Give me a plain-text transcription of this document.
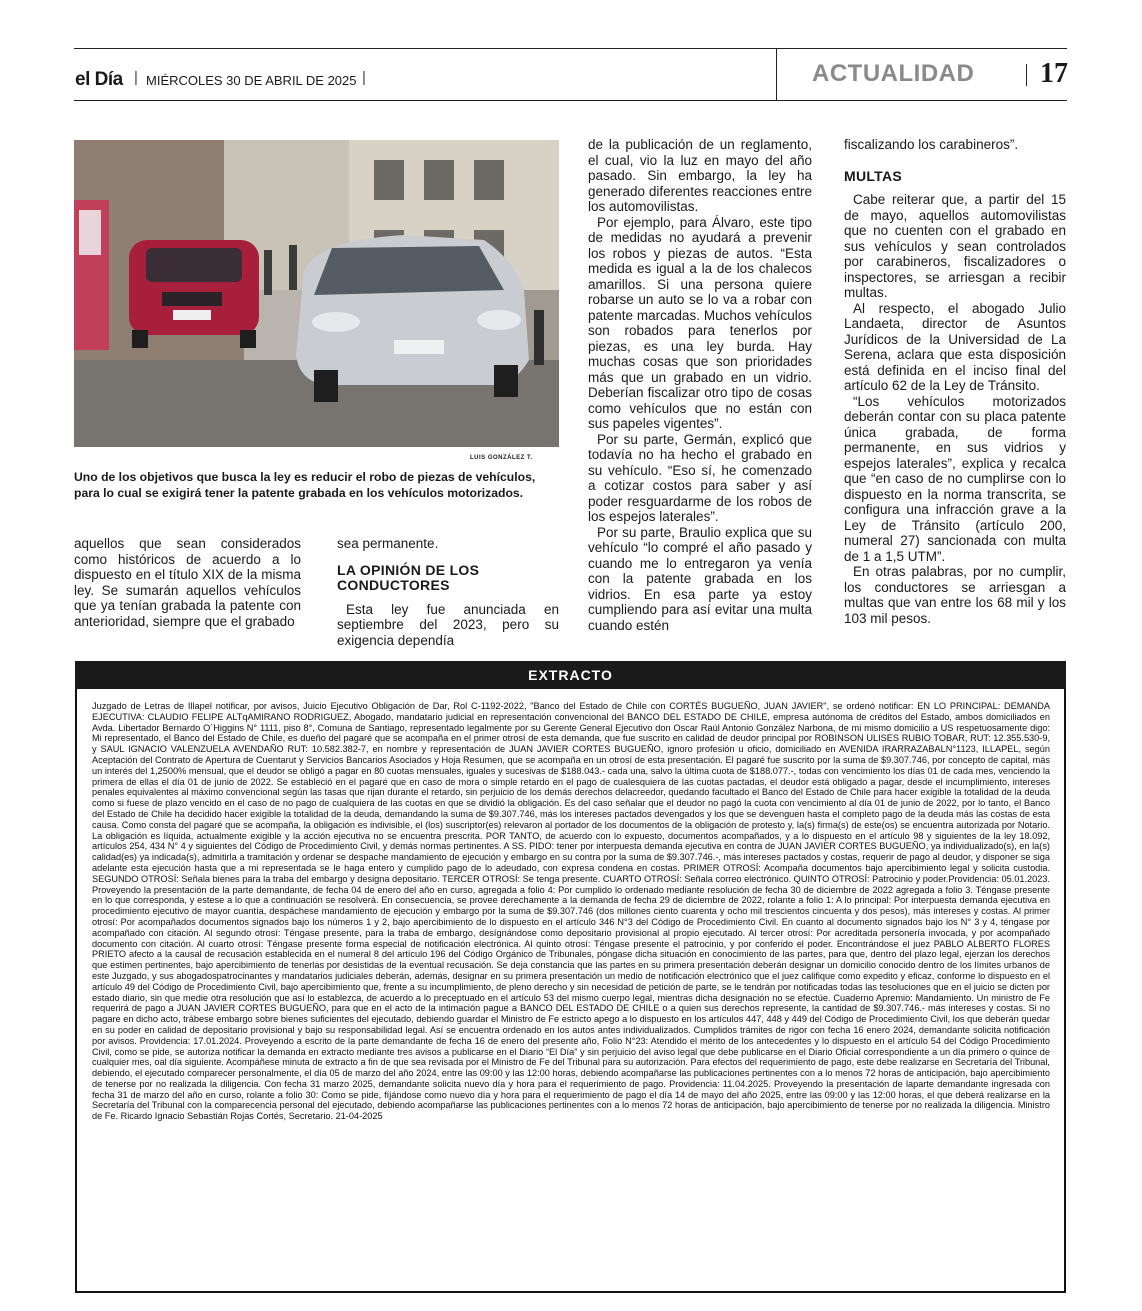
el Día | MIÉRCOLES 30 DE ABRIL DE 2025 |	ACTUALIDAD 17
LUIS GONZÁLEZ T.
Uno de los objetivos que busca la ley es reducir el robo de piezas de vehículos, para lo cual se exigirá tener la patente grabada en los vehículos motorizados.

aquellos que sean considerados como históricos de acuerdo a lo dispuesto en el título XIX de la misma ley. Se sumarán aquellos vehículos que ya tenían grabada la patente con anterioridad, siempre que el grabado

sea permanente.

LA OPINIÓN DE LOS CONDUCTORES

Esta ley fue anunciada en septiembre del 2023, pero su exigencia dependía

de la publicación de un reglamento, el cual, vio la luz en mayo del año pasado. Sin embargo, la ley ha generado diferentes reacciones entre los automovilistas.

Por ejemplo, para Álvaro, este tipo de medidas no ayudará a prevenir los robos y piezas de autos. “Esta medida es igual a la de los chalecos amarillos. Si una persona quiere robarse un auto se lo va a robar con patente marcadas. Muchos vehículos son robados para tenerlos por piezas, es una ley burda. Hay muchas cosas que son prioridades más que un grabado en un vidrio. Deberían fiscalizar otro tipo de cosas como vehículos que no están con sus papeles vigentes”.

Por su parte, Germán, explicó que todavía no ha hecho el grabado en su vehículo. “Eso sí, he comenzado a cotizar costos para saber y así poder resguardarme de los robos de los espejos laterales”.

Por su parte, Braulio explica que su vehículo “lo compré el año pasado y cuando me lo entregaron ya venía con la patente grabada en los vidrios. En esa parte ya estoy cumpliendo para así evitar una multa cuando estén

fiscalizando los carabineros”.

MULTAS

Cabe reiterar que, a partir del 15 de mayo, aquellos automovilistas que no cuenten con el grabado en sus vehículos y sean controlados por carabineros, fiscalizadores o inspectores, se arriesgan a recibir multas.

Al respecto, el abogado Julio Landaeta, director de Asuntos Jurídicos de la Universidad de La Serena, aclara que esta disposición está definida en el inciso final del artículo 62 de la Ley de Tránsito.

“Los vehículos motorizados deberán contar con su placa patente única grabada, de forma permanente, en sus vidrios y espejos laterales”, explica y recalca que “en caso de no cumplirse con lo dispuesto en la norma transcrita, se configura una infracción grave a la Ley de Tránsito (artículo 200, numeral 27) sancionada con multa de 1 a 1,5 UTM”.

En otras palabras, por no cumplir, los conductores se arriesgan a multas que van entre los 68 mil y los 103 mil pesos.

EXTRACTO
Juzgado de Letras de Illapel notificar, por avisos, Juicio Ejecutivo Obligación de Dar, Rol C-1192-2022, "Banco del Estado de Chile con CORTÉS BUGUEÑO, JUAN JAVIER", se ordenó notificar: EN LO PRINCIPAL: DEMANDA EJECUTIVA: CLAUDIO FELIPE ALTqAMIRANO RODRIGUEZ, Abogado, mandatario judicial en representación convencional del BANCO DEL ESTADO DE CHILE, empresa autónoma de créditos del Estado, ambos domiciliados en Avda. Libertador Bernardo O´Higgins N° 1111, piso 8°, Comuna de Santiago, representado legalmente por su Gerente General Ejecutivo don Oscar Raúl Antonio González Narbona, de mi mismo domicilio a US respetuosamente digo: Mi representado, el Banco del Estado de Chile, es dueño del pagaré que se acompaña en el primer otrosí de esta demanda, que fue suscrito en calidad de deudor principal por ROBINSON ULISES RUBIO TOBAR, RUT: 12.355.530-9, y SAUL IGNACIO VALENZUELA AVENDAÑO RUT: 10.582.382-7, en nombre y representación de JUAN JAVIER CORTES BUGUEÑO, ignoro profesión u oficio, domiciliado en AVENIDA IRARRAZABALN°1123, ILLAPEL, según Aceptación del Contrato de Apertura de Cuentarut y Servicios Bancarios Asociados y Hoja Resumen, que se acompaña en un otrosí de esta presentación. El pagaré fue suscrito por la suma de $9.307.746, por concepto de capital, más un interés del 1,2500% mensual, que el deudor se obligó a pagar en 80 cuotas mensuales, iguales y sucesivas de $188.043.- cada una, salvo la última cuota de $188.077.-, todas con vencimiento los días 01 de cada mes, venciendo la primera de ellas el día 01 de junio de 2022. Se estableció en el pagaré que en caso de mora o simple retardo en el pago de cualesquiera de las cuotas pactadas, el deudor está obligado a pagar, desde el incumplimiento, intereses penales equivalentes al máximo convencional según las tasas que rijan durante el retardo, sin perjuicio de los demás derechos delacreedor, quedando facultado el Banco del Estado de Chile para hacer exigible la totalidad de la deuda como si fuese de plazo vencido en el caso de no pago de cualquiera de las cuotas en que se dividió la obligación. Es del caso señalar que el deudor no pagó la cuota con vencimiento al día 01 de junio de 2022, por lo tanto, el Banco del Estado de Chile ha decidido hacer exigible la totalidad de la deuda, demandando la suma de $9.307.746, más los intereses pactados devengados y los que se devenguen hasta el completo pago de la deuda más las costas de esta causa. Como consta del pagaré que se acompaña, la obligación es indivisible, el (los) suscriptor(es) relevaron al portador de los documentos de la obligación de protesto y, la(s) firma(s) de este(os) se encuentra autorizada por Notario. La obligación es líquida, actualmente exigible y la acción ejecutiva no se encuentra prescrita. POR TANTO, de acuerdo con lo expuesto, documentos acompañados, y a lo dispuesto en el artículo 98 y siguientes de la ley 18.092, artículos 254, 434 N° 4 y siguientes del Código de Procedimiento Civil, y demás normas pertinentes. A SS. PIDO: tener por interpuesta demanda ejecutiva en contra de JUAN JAVIER CORTES BUGUEÑO, ya individualizado(s), en la(s) calidad(es) ya indicada(s), admitirla a tramitación y ordenar se despache mandamiento de ejecución y embargo en su contra por la suma de $9.307.746.-, más intereses pactados y costas, requerir de pago al deudor, y disponer se siga adelante esta ejecución hasta que a mi representada se le haga entero y cumplido pago de lo adeudado, con expresa condena en costas. PRIMER OTROSÍ: Acompaña documentos bajo apercibimiento legal y solicita custodia. SEGUNDO OTROSÍ: Señala bienes para la traba del embargo y designa depositario. TERCER OTROSÍ: Se tenga presente. CUARTO OTROSÍ: Señala correo electrónico. QUINTO OTROSÍ: Patrocinio y poder.Providencia: 05.01.2023. Proveyendo la presentación de la parte demandante, de fecha 04 de enero del año en curso, agregada a folio 4: Por cumplido lo ordenado mediante resolución de fecha 30 de diciembre de 2022 agregada a folio 3. Téngase presente en lo que corresponda, y estese a lo que a continuación se resolverá. En consecuencia, se provee derechamente a la demanda de fecha 29 de diciembre de 2022, rolante a folio 1: A lo principal: Por interpuesta demanda ejecutiva en procedimiento ejecutivo de mayor cuantía, despáchese mandamiento de ejecución y embargo por la suma de $9.307.746 (dos millones ciento cuarenta y ocho mil trescientos cincuenta y dos pesos), más intereses y costas. Al primer otrosí: Por acompañados documentos signados bajo los números 1 y 2, bajo apercibimiento de lo dispuesto en el artículo 346 N°3 del Código de Procedimiento Civil. En cuanto al documento signados bajo los N° 3 y 4, téngase por acompañado con citación. Al segundo otrosí: Téngase presente, para la traba de embargo, desígnándose como depositario provisional al propio ejecutado. Al tercer otrosí: Por acreditada personería invocada, y por acompañado documento con citación. Al cuarto otrosí: Téngase presente forma especial de notificación electrónica. Al quinto otrosí: Téngase presente el patrocinio, y por conferido el poder. Encontrándose el juez PABLO ALBERTO FLORES PRIETO afecto a la causal de recusación establecida en el numeral 8 del artículo 196 del Código Orgánico de Tribunales, póngase dicha situación en conocimiento de las partes, para que, dentro del plazo legal, ejerzan los derechos que estimen pertinentes, bajo apercibimiento de tenerlas por desistidas de la eventual recusación. Se deja constancia que las partes en su primera presentación deberán designar un domicilio conocido dentro de los límites urbanos de este Juzgado, y sus abogadospatrocinantes y mandatarios judiciales deberán, además, designar en su primera presentación un medio de notificación electrónico que el juez califique como expedito y eficaz, conforme lo dispuesto en el artículo 49 del Código de Procedimiento Civil, bajo apercibimiento que, frente a su incumplimiento, de pleno derecho y sin necesidad de petición de parte, se le tendrán por notificadas todas las tesoluciones que en el juicio se dicten por estado diario, sin que medie otra resolución que así lo establezca, de acuerdo a lo preceptuado en el artículo 53 del mismo cuerpo legal, mientras dicha designación no se efectúe. Cuaderno Apremio: Mandamiento. Un ministro de Fe requerirá de pago a JUAN JAVIER CORTES BUGUEÑO, para que en el acto de la intimación pague a BANCO DEL ESTADO DE CHILE o a quien sus derechos represente, la cantidad de $9.307.746.- más intereses y costas. Si no pagare en dicho acto, trábese embargo sobre bienes suficientes del ejecutado, debiendo guardar el Ministro de Fe estricto apego a lo dispuesto en los artículos 447, 448 y 449 del Código de Procedimiento Civil, los que deberán quedar en su poder en calidad de depositario provisional y bajo su responsabilidad legal. Así se encuentra ordenado en los autos antes individualizados. Cumplidos trámites de rigor con fecha 16 enero 2024, demandante solicita notificación por avisos. Providencia: 17.01.2024. Proveyendo a escrito de la parte demandante de fecha 16 de enero del presente año, Folio N°23: Atendido el mérito de los antecedentes y lo dispuesto en el artículo 54 del Código Procedimiento Civil, como se pide, se autoriza notificar la demanda en extracto mediante tres avisos a publicarse en el Diario “El Día” y sin perjuicio del aviso legal que debe publicarse en el Diario Oficial correspondiente a un día primero o quince de cualquier mes, oal día siguiente. Acompáñese minuta de extracto a fin de que sea revisada por el Ministro de Fe del Tribunal para su autorización. Para efectos del requerimiento de pago, este debe realizarse en Secretaría del Tribunal, debiendo, el ejecutado comparecer personalmente, el día 05 de marzo del año 2024, entre las 09:00 y las 12:00 horas, debiendo acompañarse las publicaciones pertinentes con a lo menos 72 horas de anticipación, bajo apercibimiento de tenerse por no realizada la diligencia. Con fecha 31 marzo 2025, demandante solicita nuevo día y hora para el requerimiento de pago. Providencia: 11.04.2025. Proveyendo la presentación de laparte demandante ingresada con fecha 31 de marzo del año en curso, rolante a folio 30: Como se pide, fíjándose como nuevo día y hora para el requerimiento de pago el día 14 de mayo del año 2025, entre las 09:00 y las 12:00 horas, el que deberá realizarse en la Secretaría del Tribunal con la comparecencia personal del ejecutado, debiendo acompañarse las publicaciones pertinentes con a lo menos 72 horas de anticipación, bajo apercibimiento de tenerse por no realizada la diligencia. Ministro de Fe. Ricardo Ignacio Sebastián Rojas Cortés, Secretario. 21-04-2025
